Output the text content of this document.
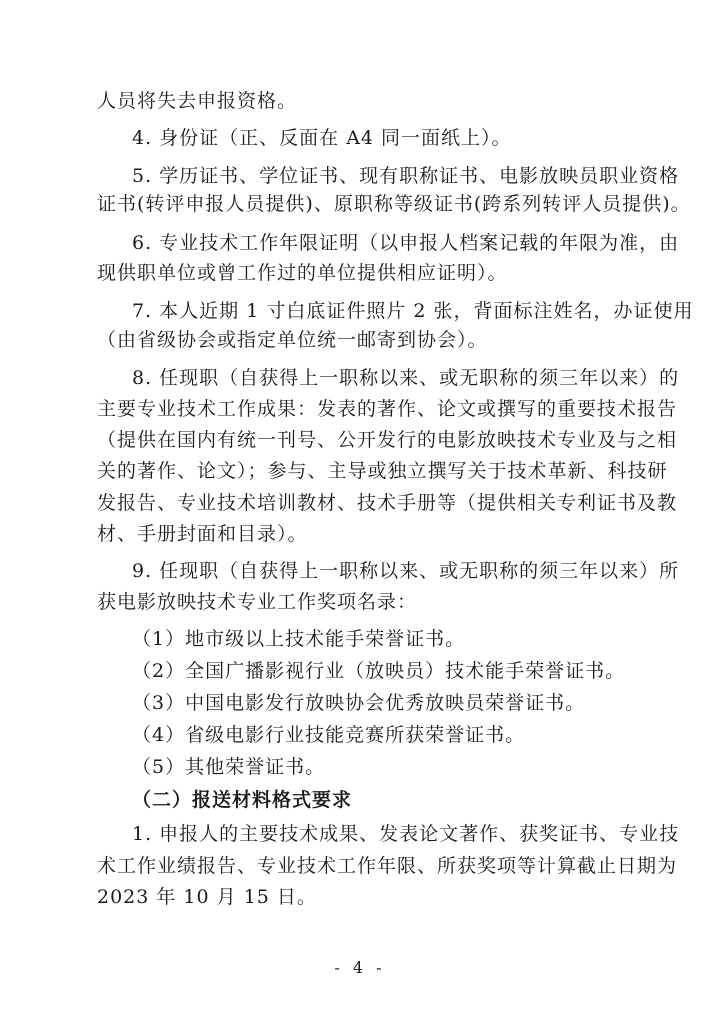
人员将失去申报资格。
4. 身份证（正、反面在 A4 同一面纸上）。
5. 学历证书、学位证书、现有职称证书、电影放映员职业资格
证书(转评申报人员提供)、原职称等级证书(跨系列转评人员提供)。
6. 专业技术工作年限证明（以申报人档案记载的年限为准，由
现供职单位或曾工作过的单位提供相应证明）。
7. 本人近期 1 寸白底证件照片 2 张，背面标注姓名，办证使用
（由省级协会或指定单位统一邮寄到协会）。
8. 任现职（自获得上一职称以来、或无职称的须三年以来）的
主要专业技术工作成果：发表的著作、论文或撰写的重要技术报告
（提供在国内有统一刊号、公开发行的电影放映技术专业及与之相
关的著作、论文）；参与、主导或独立撰写关于技术革新、科技研
发报告、专业技术培训教材、技术手册等（提供相关专利证书及教
材、手册封面和目录）。
9. 任现职（自获得上一职称以来、或无职称的须三年以来）所
获电影放映技术专业工作奖项名录：
（1）地市级以上技术能手荣誉证书。
（2）全国广播影视行业（放映员）技术能手荣誉证书。
（3）中国电影发行放映协会优秀放映员荣誉证书。
（4）省级电影行业技能竞赛所获荣誉证书。
（5）其他荣誉证书。
（二）报送材料格式要求
1. 申报人的主要技术成果、发表论文著作、获奖证书、专业技
术工作业绩报告、专业技术工作年限、所获奖项等计算截止日期为
2023 年 10 月 15 日。
- 4 -
